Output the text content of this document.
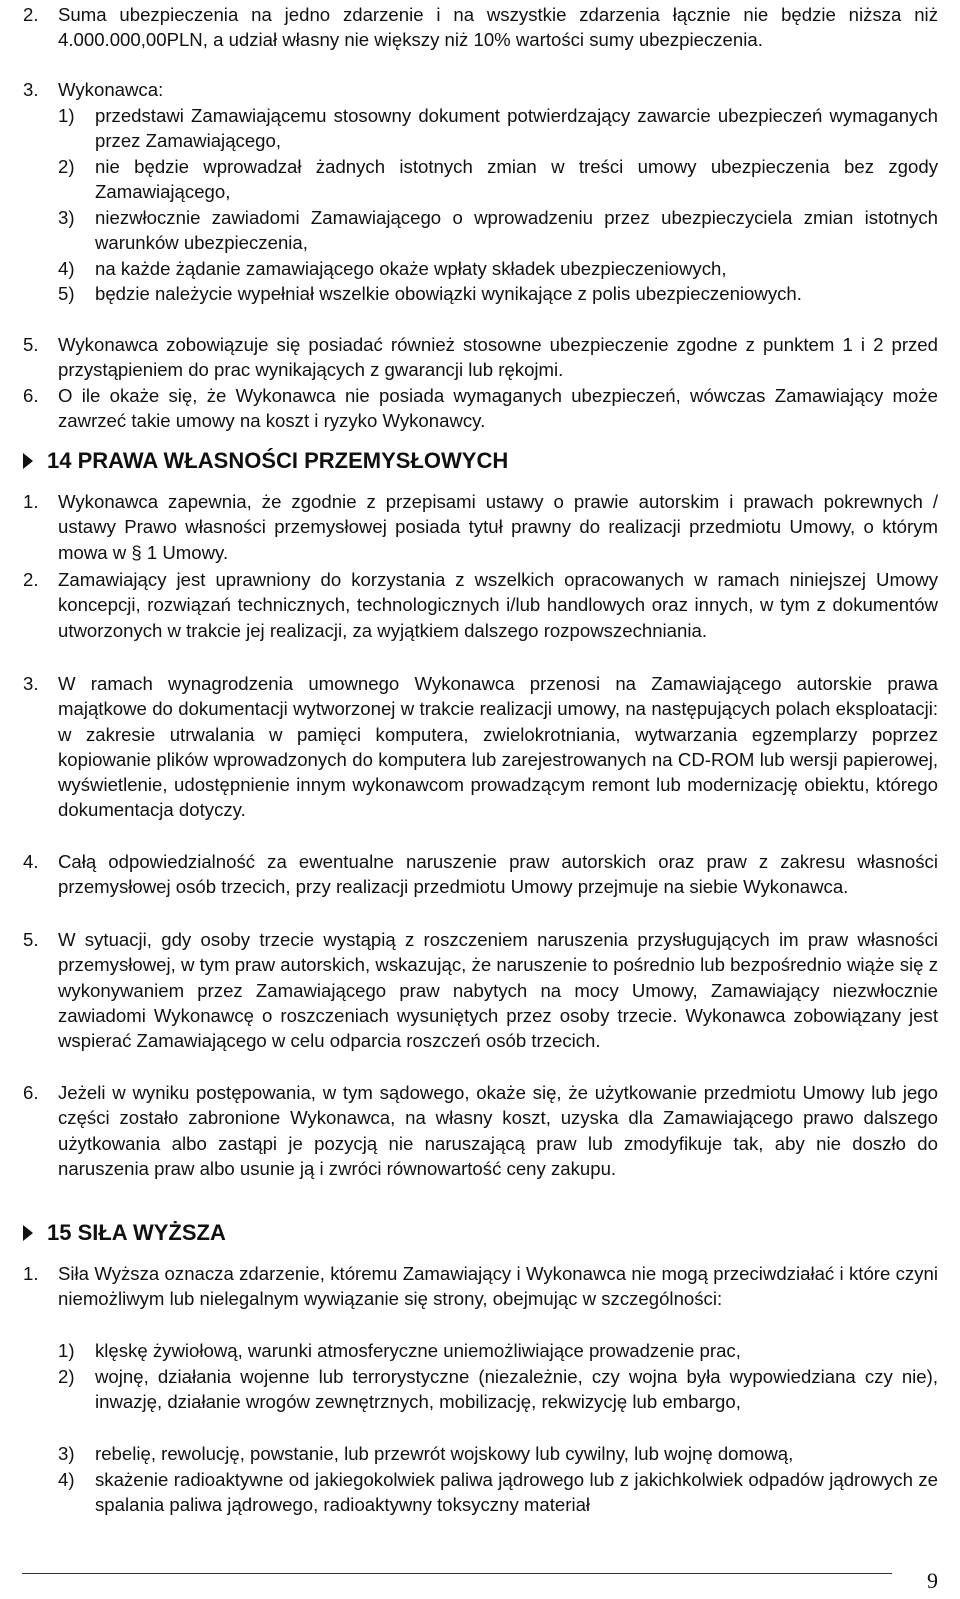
2. Suma ubezpieczenia na jedno zdarzenie i na wszystkie zdarzenia łącznie nie będzie niższa niż 4.000.000,00PLN, a udział własny nie większy niż 10% wartości sumy ubezpieczenia.
3. Wykonawca:
1) przedstawi Zamawiającemu stosowny dokument potwierdzający zawarcie ubezpieczeń wymaganych przez Zamawiającego,
2) nie będzie wprowadzał żadnych istotnych zmian w treści umowy ubezpieczenia bez zgody Zamawiającego,
3) niezwłocznie zawiadomi Zamawiającego o wprowadzeniu przez ubezpieczyciela zmian istotnych warunków ubezpieczenia,
4) na każde żądanie zamawiającego okaże wpłaty składek ubezpieczeniowych,
5) będzie należycie wypełniał wszelkie obowiązki wynikające z polis ubezpieczeniowych.
5. Wykonawca zobowiązuje się posiadać również stosowne ubezpieczenie zgodne z punktem 1 i 2 przed przystąpieniem do prac wynikających z gwarancji lub rękojmi.
6. O ile okaże się, że Wykonawca nie posiada wymaganych ubezpieczeń, wówczas Zamawiający może zawrzeć takie umowy na koszt i ryzyko Wykonawcy.
14 PRAWA WŁASNOŚCI PRZEMYSŁOWYCH
1. Wykonawca zapewnia, że zgodnie z przepisami ustawy o prawie autorskim i prawach pokrewnych / ustawy Prawo własności przemysłowej posiada tytuł prawny do realizacji przedmiotu Umowy, o którym mowa w § 1 Umowy.
2. Zamawiający jest uprawniony do korzystania z wszelkich opracowanych w ramach niniejszej Umowy koncepcji, rozwiązań technicznych, technologicznych i/lub handlowych oraz innych, w tym z dokumentów utworzonych w trakcie jej realizacji, za wyjątkiem dalszego rozpowszechniania.
3. W ramach wynagrodzenia umownego Wykonawca przenosi na Zamawiającego autorskie prawa majątkowe do dokumentacji wytworzonej w trakcie realizacji umowy, na następujących polach eksploatacji: w zakresie utrwalania w pamięci komputera, zwielokrotniania, wytwarzania egzemplarzy poprzez kopiowanie plików wprowadzonych do komputera lub zarejestrowanych na CD-ROM lub wersji papierowej, wyświetlenie, udostępnienie innym wykonawcom prowadzącym remont lub modernizację obiektu, którego dokumentacja dotyczy.
4. Całą odpowiedzialność za ewentualne naruszenie praw autorskich oraz praw z zakresu własności przemysłowej osób trzecich, przy realizacji przedmiotu Umowy przejmuje na siebie Wykonawca.
5. W sytuacji, gdy osoby trzecie wystąpią z roszczeniem naruszenia przysługujących im praw własności przemysłowej, w tym praw autorskich, wskazując, że naruszenie to pośrednio lub bezpośrednio wiąże się z wykonywaniem przez Zamawiającego praw nabytych na mocy Umowy, Zamawiający niezwłocznie zawiadomi Wykonawcę o roszczeniach wysuniętych przez osoby trzecie. Wykonawca zobowiązany jest wspierać Zamawiającego w celu odparcia roszczeń osób trzecich.
6. Jeżeli w wyniku postępowania, w tym sądowego, okaże się, że użytkowanie przedmiotu Umowy lub jego części zostało zabronione Wykonawca, na własny koszt, uzyska dla Zamawiającego prawo dalszego użytkowania albo zastąpi je pozycją nie naruszającą praw lub zmodyfikuje tak, aby nie doszło do naruszenia praw albo usunie ją i zwróci równowartość ceny zakupu.
15 SIŁA WYŻSZA
1. Siła Wyższa oznacza zdarzenie, któremu Zamawiający i Wykonawca nie mogą przeciwdziałać i które czyni niemożliwym lub nielegalnym wywiązanie się strony, obejmując w szczególności:
1) klęskę żywiołową, warunki atmosferyczne uniemożliwiające prowadzenie prac,
2) wojnę, działania wojenne lub terrorystyczne (niezależnie, czy wojna była wypowiedziana czy nie), inwazję, działanie wrogów zewnętrznych, mobilizację, rekwizycję lub embargo,
3) rebelię, rewolucję, powstanie, lub przewrót wojskowy lub cywilny, lub wojnę domową,
4) skażenie radioaktywne od jakiegokolwiek paliwa jądrowego lub z jakichkolwiek odpadów jądrowych ze spalania paliwa jądrowego, radioaktywny toksyczny materiał
9
